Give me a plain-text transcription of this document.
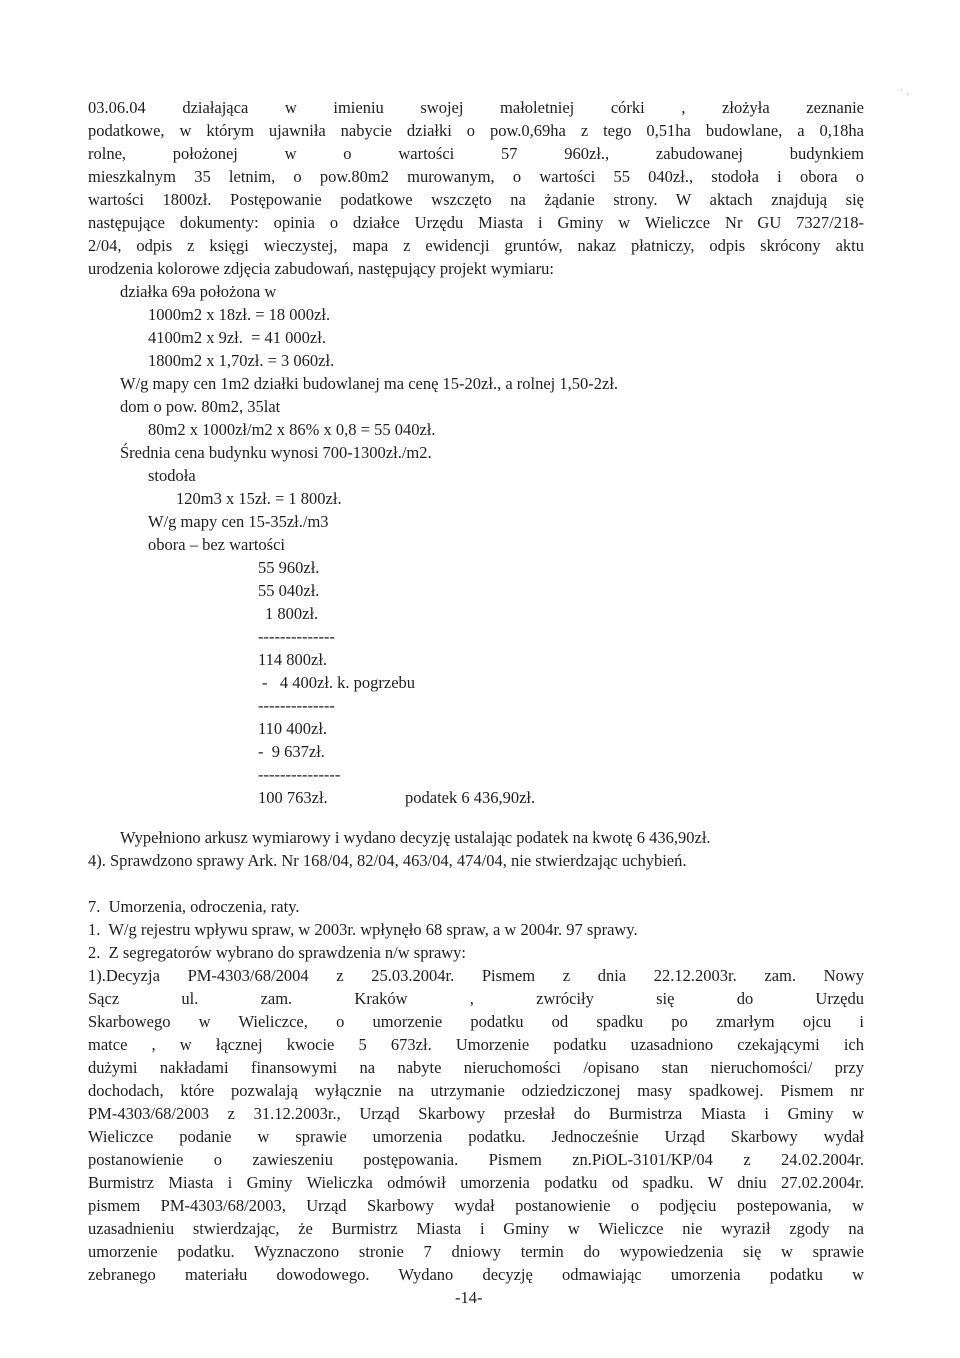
⸱ ‚
03.06.04 działająca w imieniu swojej małoletniej córki , złożyła zeznanie
podatkowe, w którym ujawniła nabycie działki o pow.0,69ha z tego 0,51ha budowlane, a 0,18ha
rolne, położonej w o wartości 57 960zł., zabudowanej budynkiem
mieszkalnym 35 letnim, o pow.80m2 murowanym, o wartości 55 040zł., stodoła i obora o
wartości 1800zł. Postępowanie podatkowe wszczęto na żądanie strony. W aktach znajdują się
następujące dokumenty: opinia o działce Urzędu Miasta i Gminy w Wieliczce Nr GU 7327/218-
2/04, odpis z księgi wieczystej, mapa z ewidencji gruntów, nakaz płatniczy, odpis skrócony aktu
urodzenia kolorowe zdjęcia zabudowań, następujący projekt wymiaru:
działka 69a położona w
1000m2 x 18zł. = 18 000zł.
4100m2 x 9zł.  = 41 000zł.
1800m2 x 1,70zł. = 3 060zł.
W/g mapy cen 1m2 działki budowlanej ma cenę 15-20zł., a rolnej 1,50-2zł.
dom o pow. 80m2, 35lat
80m2 x 1000zł/m2 x 86% x 0,8 = 55 040zł.
Średnia cena budynku wynosi 700-1300zł./m2.
stodoła
120m3 x 15zł. = 1 800zł.
W/g mapy cen 15-35zł./m3
obora – bez wartości
55 960zł.
55 040zł.
1 800zł.
--------------
114 800zł.
-   4 400zł. k. pogrzebu
--------------
110 400zł.
-  9 637zł.
---------------
100 763zł.	podatek 6 436,90zł.
Wypełniono arkusz wymiarowy i wydano decyzję ustalając podatek na kwotę 6 436,90zł.
4). Sprawdzono sprawy Ark. Nr 168/04, 82/04, 463/04, 474/04, nie stwierdzając uchybień.
7.  Umorzenia, odroczenia, raty.
1.  W/g rejestru wpływu spraw, w 2003r. wpłynęło 68 spraw, a w 2004r. 97 sprawy.
2.  Z segregatorów wybrano do sprawdzenia n/w sprawy:
1).Decyzja PM-4303/68/2004 z 25.03.2004r. Pismem z dnia 22.12.2003r. zam. Nowy
Sącz ul. zam. Kraków , zwróciły się do Urzędu
Skarbowego w Wieliczce, o umorzenie podatku od spadku po zmarłym ojcu i
matce , w łącznej kwocie 5 673zł. Umorzenie podatku uzasadniono czekającymi ich
dużymi nakładami finansowymi na nabyte nieruchomości /opisano stan nieruchomości/ przy
dochodach, które pozwalają wyłącznie na utrzymanie odziedziczonej masy spadkowej. Pismem nr
PM-4303/68/2003 z 31.12.2003r., Urząd Skarbowy przesłał do Burmistrza Miasta i Gminy w
Wieliczce podanie w sprawie umorzenia podatku. Jednocześnie Urząd Skarbowy wydał
postanowienie o zawieszeniu postępowania. Pismem zn.PiOL-3101/KP/04 z 24.02.2004r.
Burmistrz Miasta i Gminy Wieliczka odmówił umorzenia podatku od spadku. W dniu 27.02.2004r.
pismem PM-4303/68/2003, Urząd Skarbowy wydał postanowienie o podjęciu postepowania, w
uzasadnieniu stwierdzając, że Burmistrz Miasta i Gminy w Wieliczce nie wyraził zgody na
umorzenie podatku. Wyznaczono stronie 7 dniowy termin do wypowiedzenia się w sprawie
zebranego materiału dowodowego. Wydano decyzję odmawiając umorzenia podatku w
-14-
